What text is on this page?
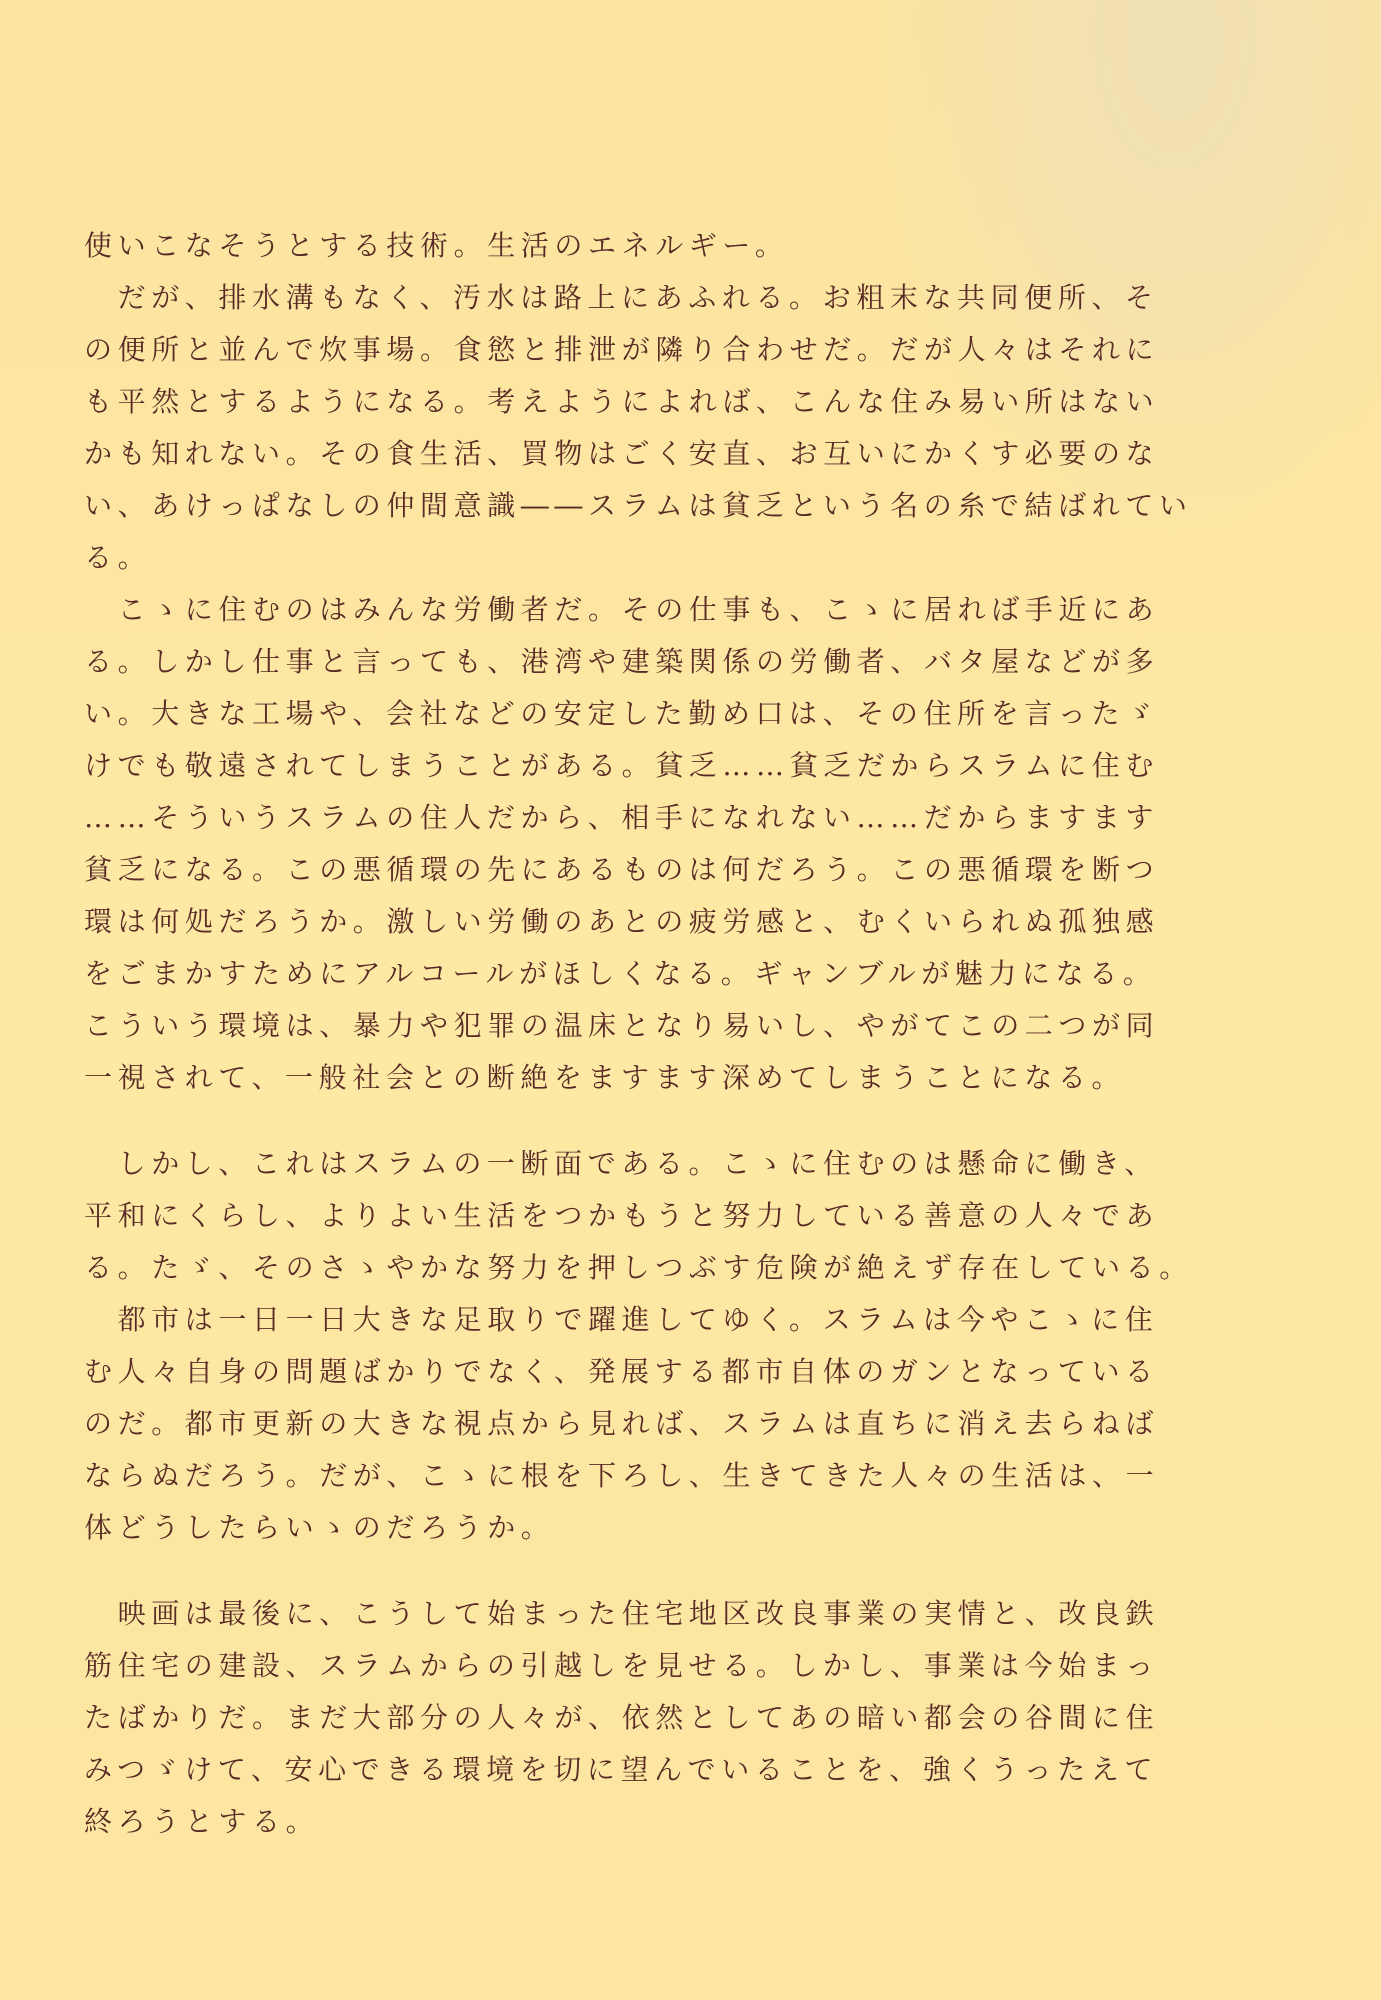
使いこなそうとする技術。生活のエネルギー。
　だが、排水溝もなく、汚水は路上にあふれる。お粗末な共同便所、そ
の便所と並んで炊事場。食慾と排泄が隣り合わせだ。だが人々はそれに
も平然とするようになる。考えようによれば、こんな住み易い所はない
かも知れない。その食生活、買物はごく安直、お互いにかくす必要のな
い、あけっぱなしの仲間意識――スラムは貧乏という名の糸で結ばれてい
る。
　こゝに住むのはみんな労働者だ。その仕事も、こゝに居れば手近にあ
る。しかし仕事と言っても、港湾や建築関係の労働者、バタ屋などが多
い。大きな工場や、会社などの安定した勤め口は、その住所を言ったゞ
けでも敬遠されてしまうことがある。貧乏……貧乏だからスラムに住む
……そういうスラムの住人だから、相手になれない……だからますます
貧乏になる。この悪循環の先にあるものは何だろう。この悪循環を断つ
環は何処だろうか。激しい労働のあとの疲労感と、むくいられぬ孤独感
をごまかすためにアルコールがほしくなる。ギャンブルが魅力になる。
こういう環境は、暴力や犯罪の温床となり易いし、やがてこの二つが同
一視されて、一般社会との断絶をますます深めてしまうことになる。
　しかし、これはスラムの一断面である。こゝに住むのは懸命に働き、
平和にくらし、よりよい生活をつかもうと努力している善意の人々であ
る。たゞ、そのさゝやかな努力を押しつぶす危険が絶えず存在している。
　都市は一日一日大きな足取りで躍進してゆく。スラムは今やこゝに住
む人々自身の問題ばかりでなく、発展する都市自体のガンとなっている
のだ。都市更新の大きな視点から見れば、スラムは直ちに消え去らねば
ならぬだろう。だが、こゝに根を下ろし、生きてきた人々の生活は、一
体どうしたらいゝのだろうか。
　映画は最後に、こうして始まった住宅地区改良事業の実情と、改良鉄
筋住宅の建設、スラムからの引越しを見せる。しかし、事業は今始まっ
たばかりだ。まだ大部分の人々が、依然としてあの暗い都会の谷間に住
みつゞけて、安心できる環境を切に望んでいることを、強くうったえて
終ろうとする。
